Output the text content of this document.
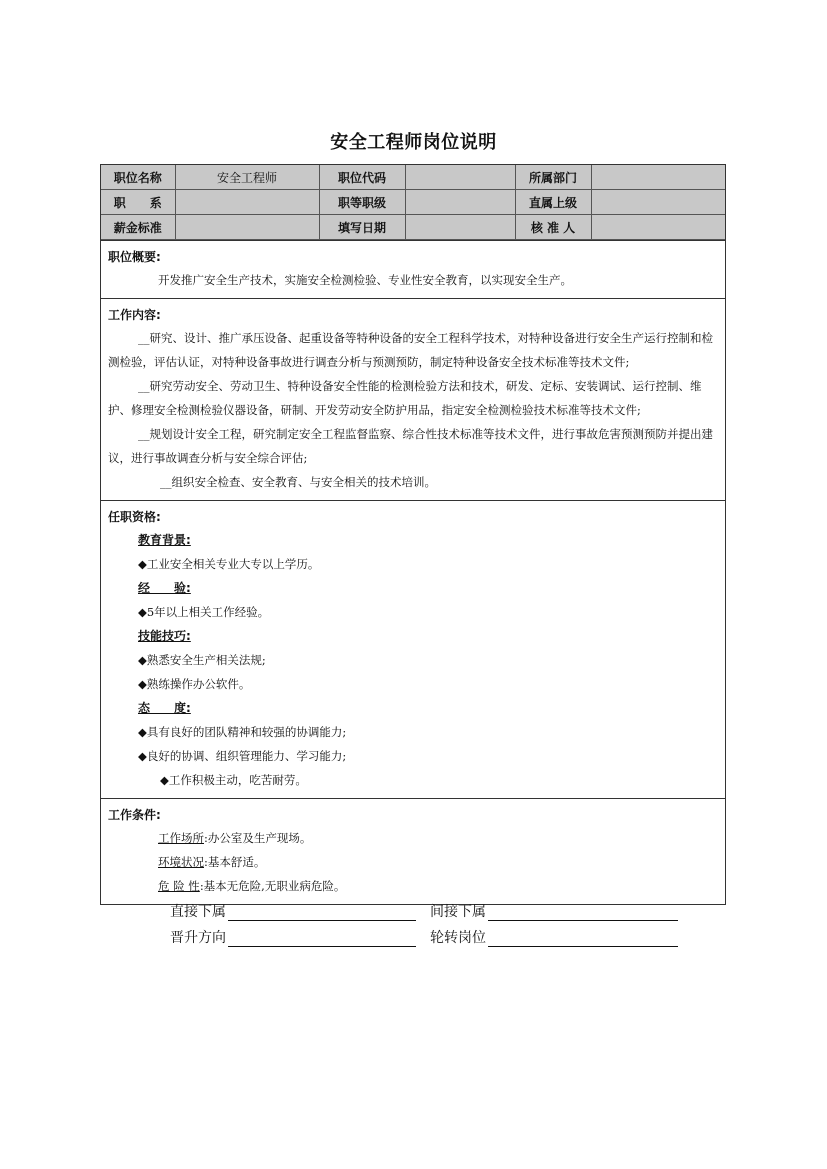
安全工程师岗位说明
职位名称	安全工程师	职位代码		所属部门	
职　　系		职等职级		直属上级	
薪金标准		填写日期		核 准 人	
职位概要:

开发推广安全生产技术，实施安全检测检验、专业性安全教育，以实现安全生产。

工作内容:

__研究、设计、推广承压设备、起重设备等特种设备的安全工程科学技术，对特种设备进行安全生产运行控制和检测检验，评估认证，对特种设备事故进行调查分析与预测预防，制定特种设备安全技术标准等技术文件;

__研究劳动安全、劳动卫生、特种设备安全性能的检测检验方法和技术，研发、定标、安装调试、运行控制、维护、修理安全检测检验仪器设备，研制、开发劳动安全防护用品，指定安全检测检验技术标准等技术文件;

__规划设计安全工程，研究制定安全工程监督监察、综合性技术标准等技术文件，进行事故危害预测预防并提出建议，进行事故调查分析与安全综合评估;

__组织安全检查、安全教育、与安全相关的技术培训。

任职资格:
教育背景:
◆工业安全相关专业大专以上学历。
经　　验:
◆5年以上相关工作经验。
技能技巧:
◆熟悉安全生产相关法规;
◆熟练操作办公软件。
态　　度:
◆具有良好的团队精神和较强的协调能力;
◆良好的协调、组织管理能力、学习能力;
◆工作积极主动，吃苦耐劳。
工作条件:
工作场所:办公室及生产现场。
环境状况:基本舒适。
危 险 性:基本无危险,无职业病危险。
直接下属	间接下属
晋升方向	轮转岗位
